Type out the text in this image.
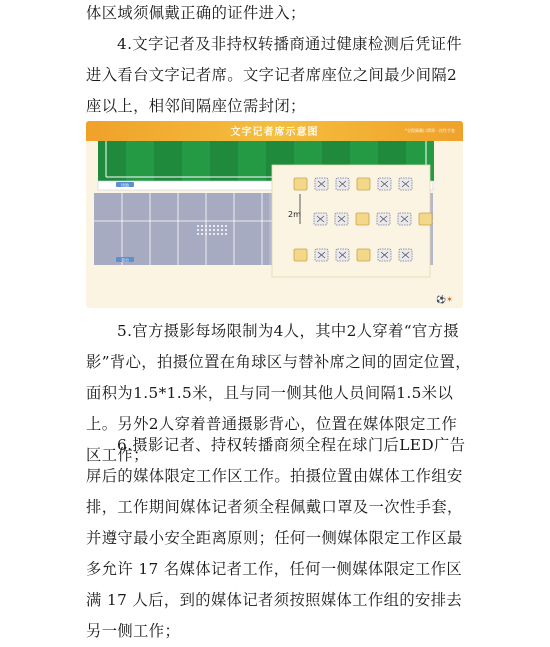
体区域须佩戴正确的证件进入；

4.文字记者及非持权转播商通过健康检测后凭证件进入看台文字记者席。文字记者席座位之间最少间隔2座以上，相邻间隔座位需封闭；

文字记者席示意图	*全程佩戴口罩需一次性手套
场地
看台
2m
⚽✶

5.官方摄影每场限制为4人，其中2人穿着“官方摄影”背心，拍摄位置在角球区与替补席之间的固定位置，面积为1.5*1.5米，且与同一侧其他人员间隔1.5米以上。另外2人穿着普通摄影背心，位置在媒体限定工作区工作；

6.摄影记者、持权转播商须全程在球门后LED广告屏后的媒体限定工作区工作。拍摄位置由媒体工作组安排，工作期间媒体记者须全程佩戴口罩及一次性手套，并遵守最小安全距离原则；任何一侧媒体限定工作区最多允许 17 名媒体记者工作，任何一侧媒体限定工作区满 17 人后，到的媒体记者须按照媒体工作组的安排去另一侧工作；
